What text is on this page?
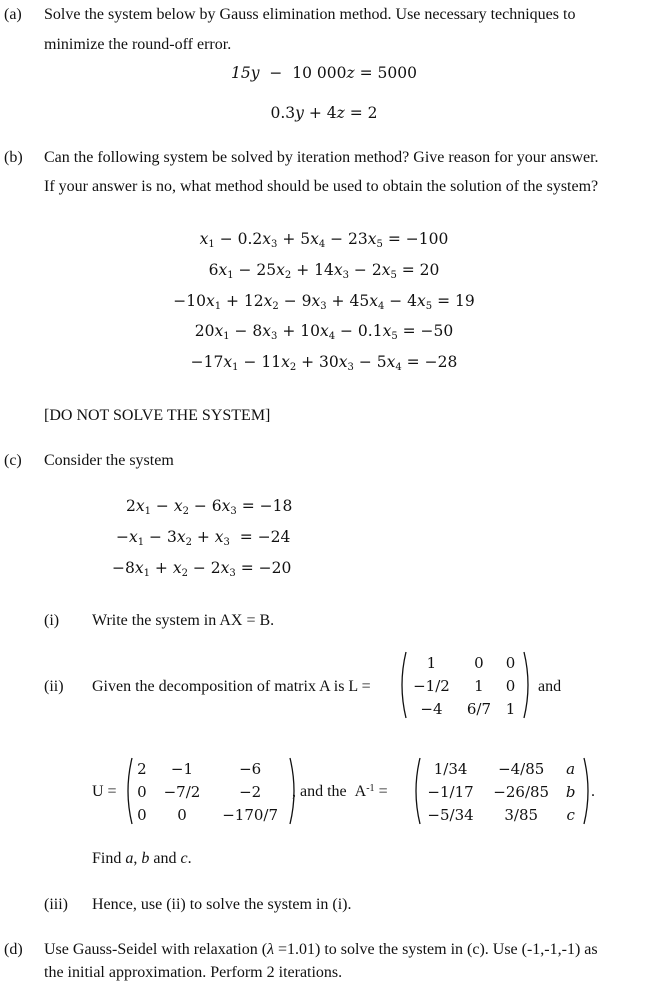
(a) Solve the system below by Gauss elimination method. Use necessary techniques to
minimize the round-off error.
15y  −  10 000z = 5000
0.3y + 4z = 2
(b) Can the following system be solved by iteration method? Give reason for your answer.
If your answer is no, what method should be used to obtain the solution of the system?
$x_1 - 0.2x_3 + 5x_4 - 23x_5 = -100$
$6x_1 - 25x_2 + 14x_3 - 2x_5 = 20$
$-10x_1 + 12x_2 - 9x_3 + 45x_4 - 4x_5 = 19$
$20x_1 - 8x_3 + 10x_4 - 0.1x_5 = -50$
$-17x_1 - 11x_2 + 30x_3 - 5x_4 = -28$
[DO NOT SOLVE THE SYSTEM]
(c) Consider the system
$2x_1 - x_2 - 6x_3 = -18$
$-x_1 - 3x_2 + x_3 = -24$
$-8x_1 + x_2 - 2x_3 = -20$
(i) Write the system in AX = B.
(ii) Given the decomposition of matrix A is L =
1	0	0
−1/2	1	0
−4	6/7	1
and
U =
2	−1	−6
0	−7/2	−2
0	0	−170/7
, and the $A^{-1}$ =
1/34	−4/85	a
−1/17	−26/85	b
−5/34	3/85	c
.
Find a, b and c.
(iii) Hence, use (ii) to solve the system in (i).
(d) Use Gauss-Seidel with relaxation (λ =1.01) to solve the system in (c). Use (-1,-1,-1) as
the initial approximation. Perform 2 iterations.
